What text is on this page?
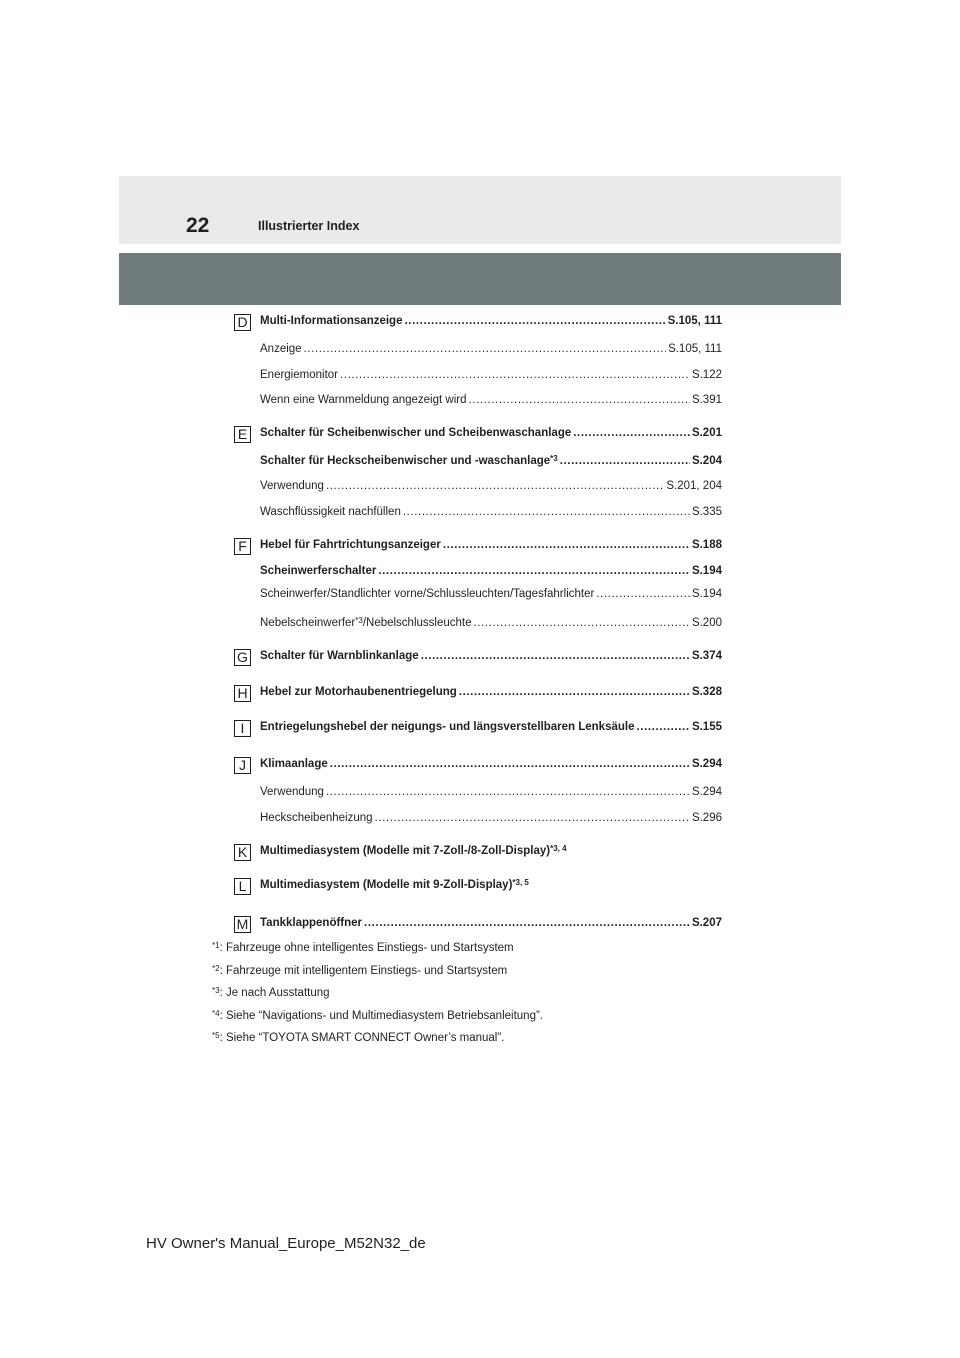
22	Illustrierter Index
D Multi-Informationsanzeige .....	S.105, 111
Anzeige .....	S.105, 111
Energiemonitor .....	S.122
Wenn eine Warnmeldung angezeigt wird .....	S.391
E	Schalter für Scheibenwischer und Scheibenwaschanlage .....	S.201
Schalter für Heckscheibenwischer und -waschanlage$^{*3}$ .....	S.204
Verwendung .....	S.201, 204
Waschflüssigkeit nachfüllen .....	S.335
F	Hebel für Fahrtrichtungsanzeiger .....	S.188
Scheinwerferschalter .....	S.194
Scheinwerfer/Standlichter vorne/Schlussleuchten/Tagesfahrlichter .....	S.194
Nebelscheinwerfer$^{*3}$/Nebelschlussleuchte .....	S.200
G Schalter für Warnblinkanlage .....	S.374
H Hebel zur Motorhaubenentriegelung .....	S.328
I	Entriegelungshebel der neigungs- und längsverstellbaren Lenksäule .....	S.155
J	Klimaanlage .....	S.294
Verwendung .....	S.294
Heckscheibenheizung .....	S.296
K	Multimediasystem (Modelle mit 7-Zoll-/8-Zoll-Display)$^{*3, 4}$
L	Multimediasystem (Modelle mit 9-Zoll-Display)$^{*3, 5}$
M Tankklappenöffner .....	S.207
$^{*1}$: Fahrzeuge ohne intelligentes Einstiegs- und Startsystem
$^{*2}$: Fahrzeuge mit intelligentem Einstiegs- und Startsystem
$^{*3}$: Je nach Ausstattung
$^{*4}$: Siehe “Navigations- und Multimediasystem Betriebsanleitung”.
$^{*5}$: Siehe “TOYOTA SMART CONNECT Owner’s manual”.
HV Owner's Manual_Europe_M52N32_de
